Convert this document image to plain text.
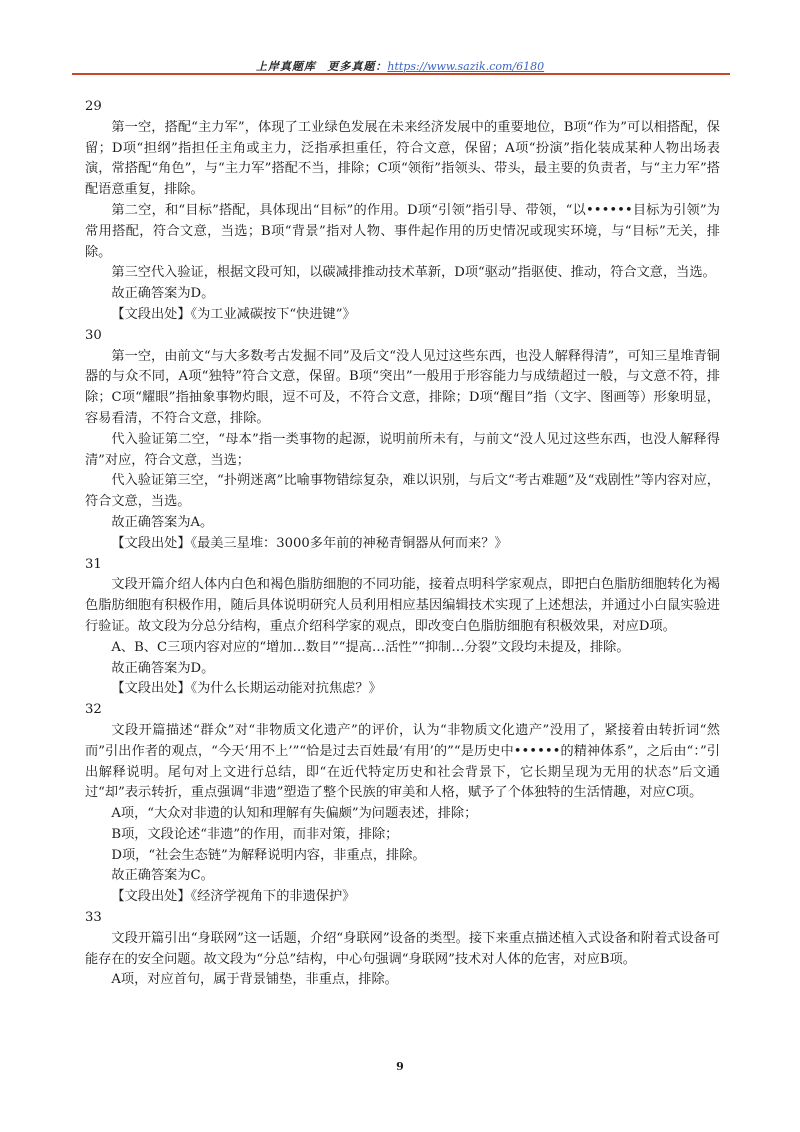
上岸真题库 更多真题：https://www.sazik.com/6180

29

第一空，搭配“主力军”，体现了工业绿色发展在未来经济发展中的重要地位，B项“作为”可以相搭配，保留；D项“担纲”指担任主角或主力，泛指承担重任，符合文意，保留；A项“扮演”指化装成某种人物出场表演，常搭配“角色”，与“主力军”搭配不当，排除；C项“领衔”指领头、带头，最主要的负责者，与“主力军”搭配语意重复，排除。

第二空，和“目标”搭配，具体现出“目标”的作用。D项“引领”指引导、带领，“以••••••目标为引领”为常用搭配，符合文意，当选；B项“背景”指对人物、事件起作用的历史情况或现实环境，与“目标”无关，排除。

第三空代入验证，根据文段可知，以碳减排推动技术革新，D项“驱动”指驱使、推动，符合文意，当选。

故正确答案为D。

【文段出处】《为工业减碳按下“快进键”》

30

第一空，由前文“与大多数考古发掘不同”及后文“没人见过这些东西，也没人解释得清”，可知三星堆青铜器的与众不同，A项“独特”符合文意，保留。B项“突出”一般用于形容能力与成绩超过一般，与文意不符，排除；C项“耀眼”指抽象事物灼眼，逗不可及，不符合文意，排除；D项“醒目”指（文字、图画等）形象明显，容易看清，不符合文意，排除。

代入验证第二空，“母本”指一类事物的起源，说明前所未有，与前文“没人见过这些东西，也没人解释得清”对应，符合文意，当选；

代入验证第三空，“扑朔迷离”比喻事物错综复杂，难以识别，与后文“考古难题”及“戏剧性”等内容对应，符合文意，当选。

故正确答案为A。

【文段出处】《最美三星堆：3000多年前的神秘青铜器从何而来？》

31

文段开篇介绍人体内白色和褐色脂肪细胞的不同功能，接着点明科学家观点，即把白色脂肪细胞转化为褐色脂肪细胞有积极作用，随后具体说明研究人员利用相应基因编辑技术实现了上述想法，并通过小白鼠实验进行验证。故文段为分总分结构，重点介绍科学家的观点，即改变白色脂肪细胞有积极效果，对应D项。

A、B、C三项内容对应的“增加…数目”“提高…活性”“抑制…分裂”文段均未提及，排除。

故正确答案为D。

【文段出处】《为什么长期运动能对抗焦虑？》

32

文段开篇描述“群众”对“非物质文化遗产”的评价，认为“非物质文化遗产”没用了，紧接着由转折词“然而”引出作者的观点，“今天‘用不上’”“恰是过去百姓最‘有用’的”“是历史中••••••的精神体系”，之后由“：”引出解释说明。尾句对上文进行总结，即“在近代特定历史和社会背景下，它长期呈现为无用的状态”后文通过“却”表示转折，重点强调“非遗”塑造了整个民族的审美和人格，赋予了个体独特的生活情趣，对应C项。

A项，“大众对非遗的认知和理解有失偏颇”为问题表述，排除；

B项，文段论述“非遗”的作用，而非对策，排除；

D项，“社会生态链”为解释说明内容，非重点，排除。

故正确答案为C。

【文段出处】《经济学视角下的非遗保护》

33

文段开篇引出“身联网”这一话题，介绍“身联网”设备的类型。接下来重点描述植入式设备和附着式设备可能存在的安全问题。故文段为“分总”结构，中心句强调“身联网”技术对人体的危害，对应B项。

A项，对应首句，属于背景铺垫，非重点，排除。

9
